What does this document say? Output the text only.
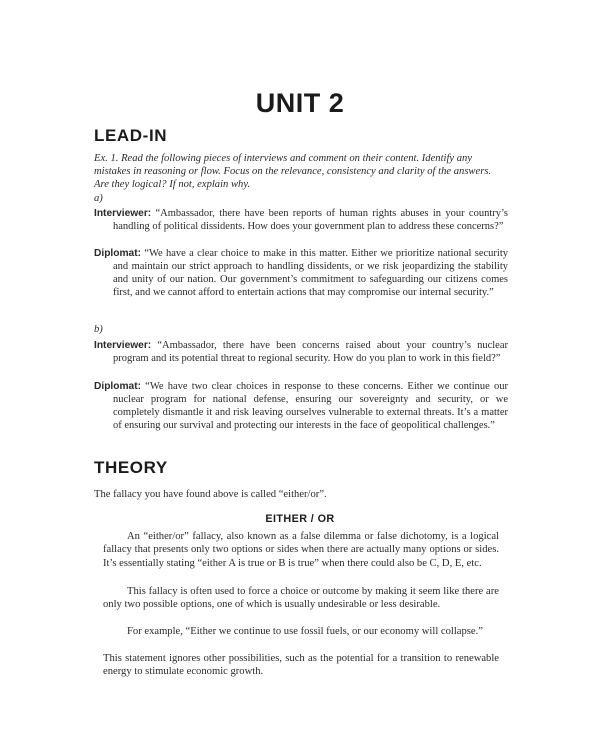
UNIT 2
LEAD-IN
Ex. 1. Read the following pieces of interviews and comment on their content. Identify any mistakes in reasoning or flow. Focus on the relevance, consistency and clarity of the answers. Are they logical? If not, explain why.
a)
Interviewer: “Ambassador, there have been reports of human rights abuses in your country’s handling of political dissidents. How does your government plan to address these concerns?”
Diplomat: “We have a clear choice to make in this matter. Either we prioritize national security and maintain our strict approach to handling dissidents, or we risk jeopardizing the stability and unity of our nation. Our government’s commitment to safeguarding our citizens comes first, and we cannot afford to entertain actions that may compromise our internal security.”
b)
Interviewer: “Ambassador, there have been concerns raised about your country’s nuclear program and its potential threat to regional security. How do you plan to work in this field?”
Diplomat: “We have two clear choices in response to these concerns. Either we continue our nuclear program for national defense, ensuring our sovereignty and security, or we completely dismantle it and risk leaving ourselves vulnerable to external threats. It’s a matter of ensuring our survival and protecting our interests in the face of geopolitical challenges.”
THEORY
The fallacy you have found above is called “either/or”.
EITHER / OR

An “either/or” fallacy, also known as a false dilemma or false dichotomy, is a logical fallacy that presents only two options or sides when there are actually many options or sides. It’s essentially stating “either A is true or B is true” when there could also be C, D, E, etc.

This fallacy is often used to force a choice or outcome by making it seem like there are only two possible options, one of which is usually undesirable or less desirable.

For example, “Either we continue to use fossil fuels, or our economy will collapse.”

This statement ignores other possibilities, such as the potential for a transition to renewable energy to stimulate economic growth.
